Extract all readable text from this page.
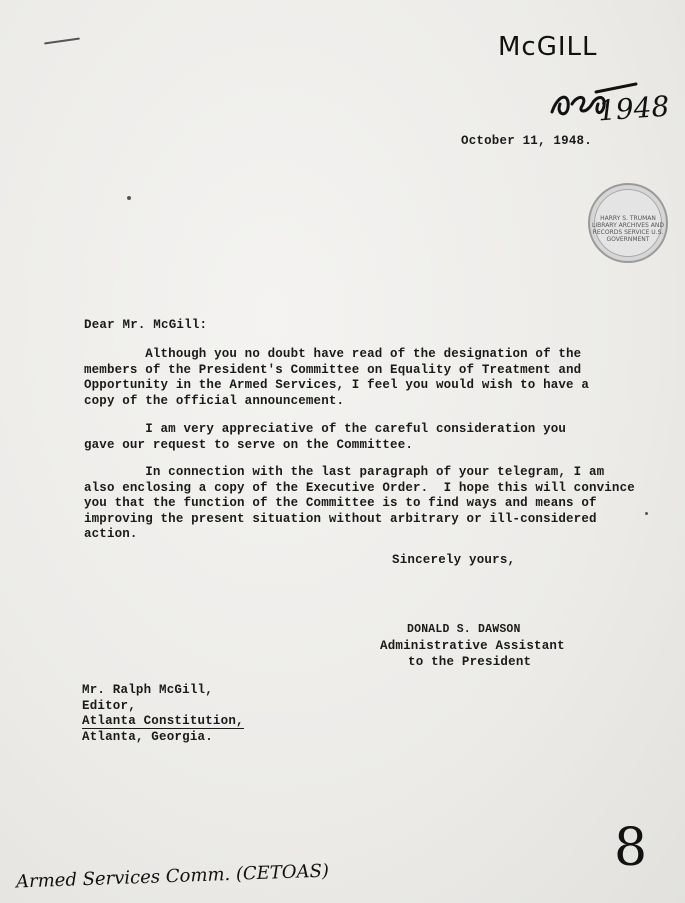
McGILL
1948
October 11, 1948.
HARRY S. TRUMAN LIBRARY ARCHIVES AND RECORDS SERVICE U.S. GOVERNMENT
Dear Mr. McGill:
Although you no doubt have read of the designation of the
members of the President's Committee on Equality of Treatment and
Opportunity in the Armed Services, I feel you would wish to have a
copy of the official announcement.
I am very appreciative of the careful consideration you
gave our request to serve on the Committee.
In connection with the last paragraph of your telegram, I am
also enclosing a copy of the Executive Order.  I hope this will convince
you that the function of the Committee is to find ways and means of
improving the present situation without arbitrary or ill-considered
action.
Sincerely yours,
DONALD S. DAWSON
Administrative Assistant
to the President
Mr. Ralph McGill,
Editor,
Atlanta Constitution,
Atlanta, Georgia.
8
Armed Services Comm. (CETOAS)
